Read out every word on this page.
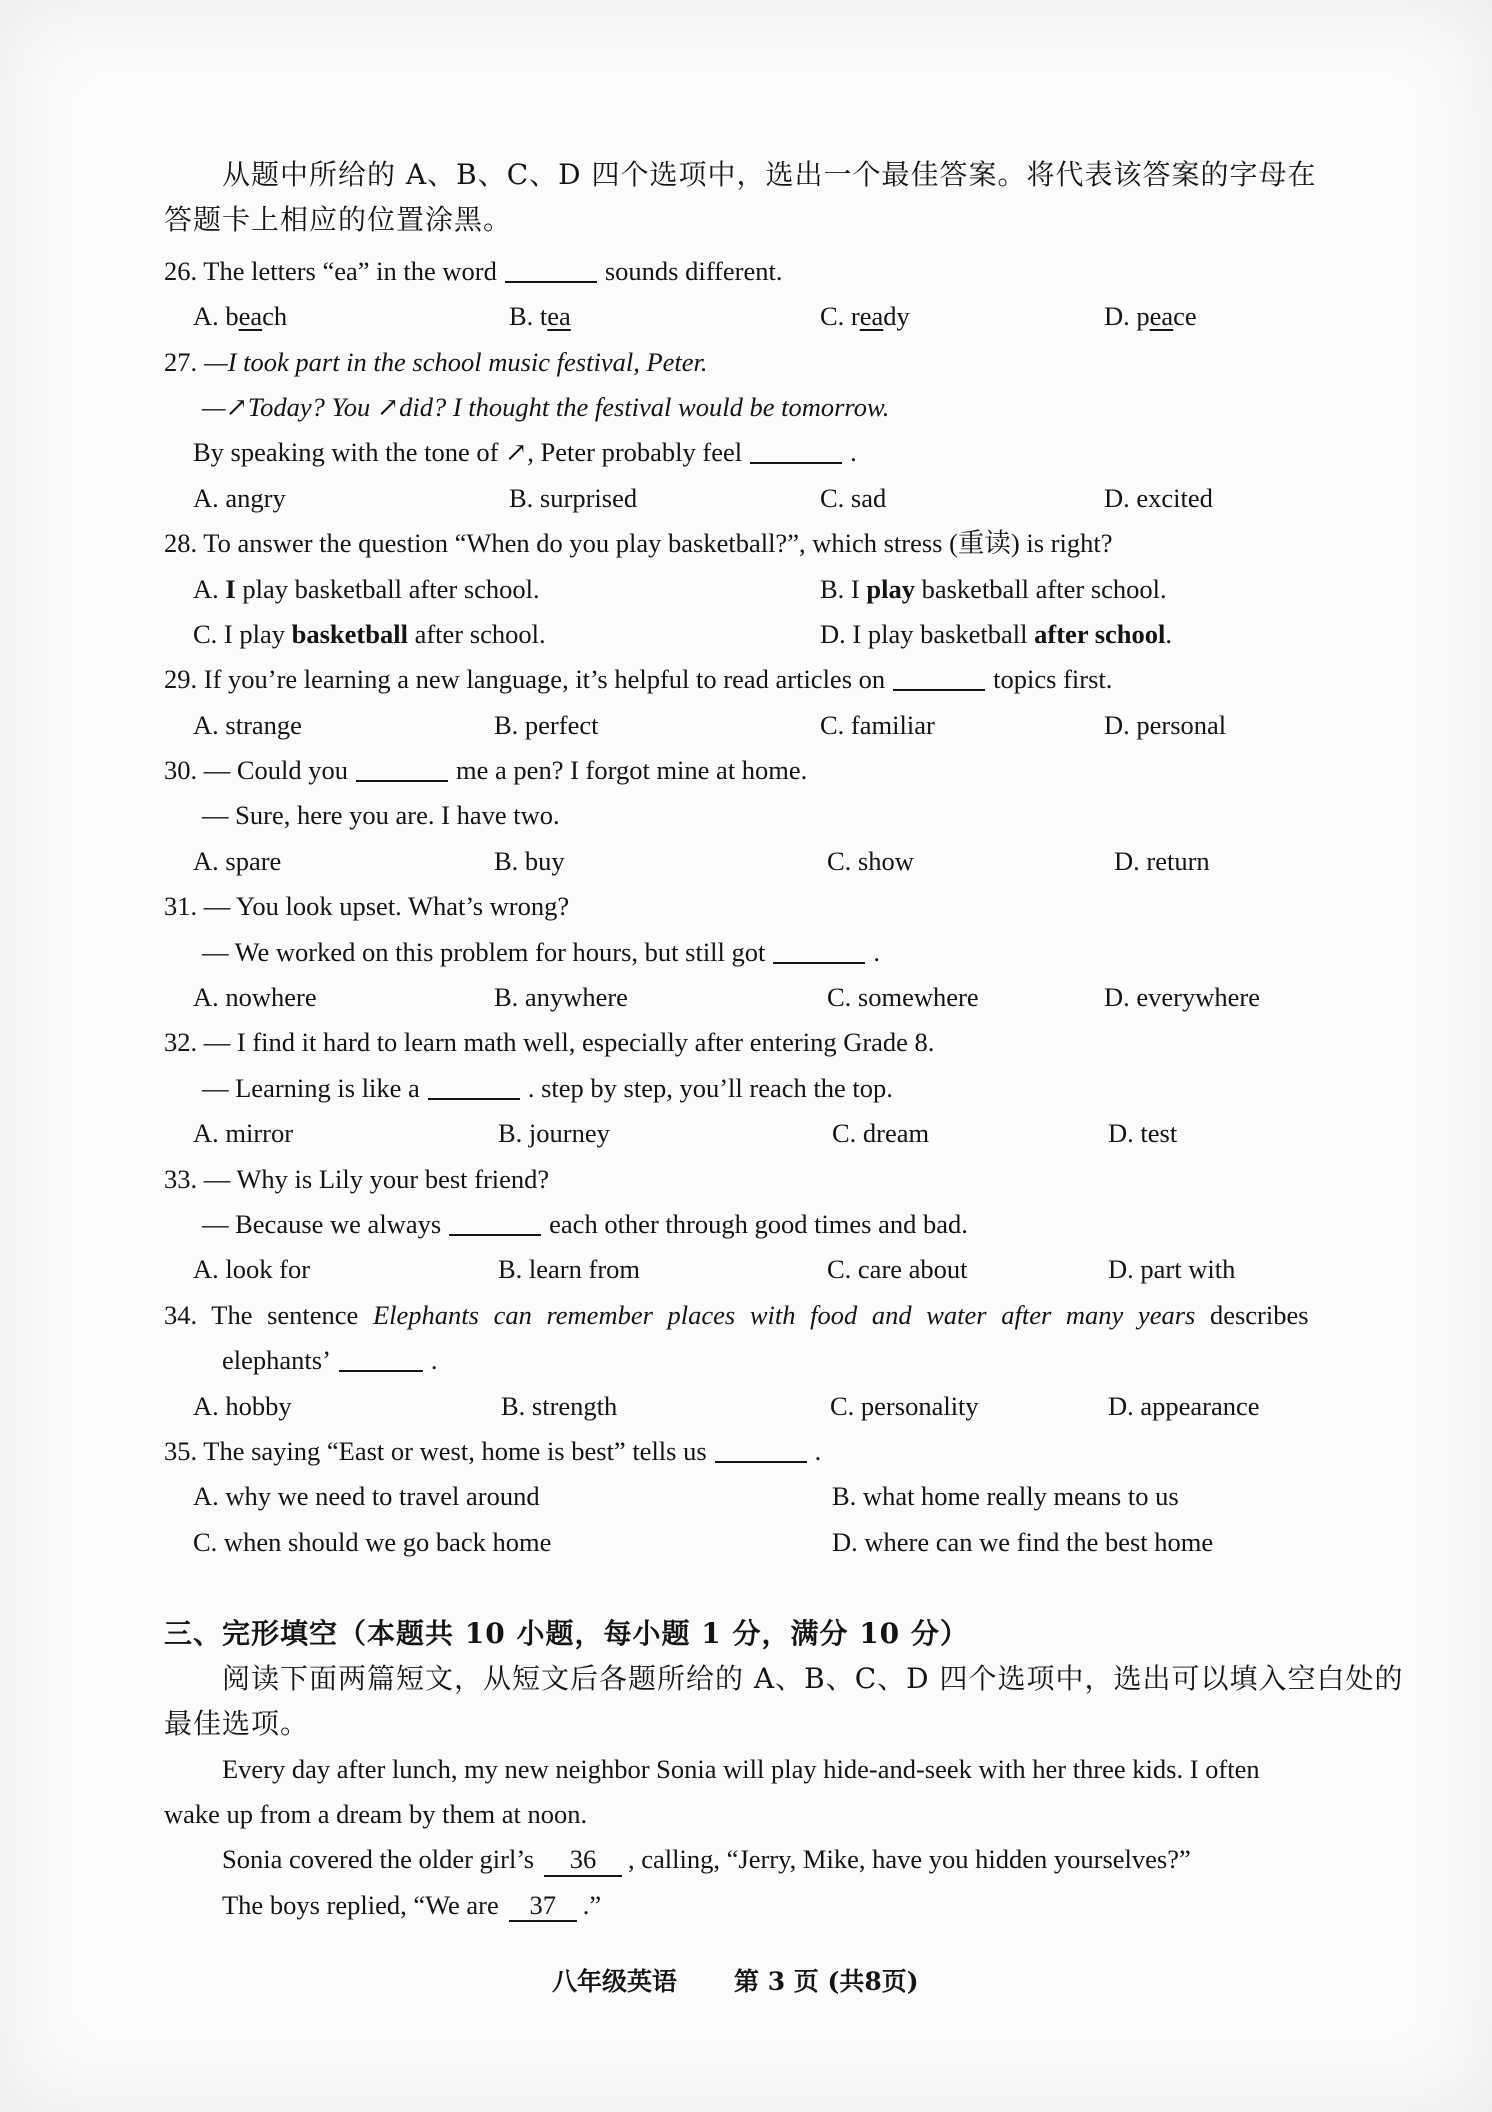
从题中所给的 A、B、C、D 四个选项中，选出一个最佳答案。将代表该答案的字母在
答题卡上相应的位置涂黑。
26. The letters “ea” in the word	sounds different.
A. beach	B. tea	C. ready	D. peace
27. —I took part in the school music festival, Peter.
—↗Today? You ↗did? I thought the festival would be tomorrow.
By speaking with the tone of ↗, Peter probably feel	.
A. angry	B. surprised	C. sad	D. excited
28. To answer the question “When do you play basketball?”, which stress (重读) is right?
A. I play basketball after school.	B. I play basketball after school.
C. I play basketball after school.	D. I play basketball after school.
29. If you’re learning a new language, it’s helpful to read articles on	topics first.
A. strange	B. perfect	C. familiar	D. personal
30. — Could you	me a pen? I forgot mine at home.
— Sure, here you are. I have two.
A. spare	B. buy	C. show	D. return
31. — You look upset. What’s wrong?
— We worked on this problem for hours, but still got	.
A. nowhere	B. anywhere	C. somewhere	D. everywhere
32. — I find it hard to learn math well, especially after entering Grade 8.
— Learning is like a	. step by step, you’ll reach the top.
A. mirror	B. journey	C. dream	D. test
33. — Why is Lily your best friend?
— Because we always	each other through good times and bad.
A. look for	B. learn from	C. care about	D. part with
34. The sentence Elephants can remember places with food and water after many years describes
elephants’	.
A. hobby	B. strength	C. personality	D. appearance
35. The saying “East or west, home is best” tells us	.
A. why we need to travel around	B. what home really means to us
C. when should we go back home	D. where can we find the best home
三、完形填空（本题共 10 小题，每小题 1 分，满分 10 分）
阅读下面两篇短文，从短文后各题所给的 A、B、C、D 四个选项中，选出可以填入空白处的
最佳选项。
Every day after lunch, my new neighbor Sonia will play hide-and-seek with her three kids. I often
wake up from a dream by them at noon.
Sonia covered the older girl’s 36 , calling, “Jerry, Mike, have you hidden yourselves?”
The boys replied, “We are 37 .”
八年级英语 第 3 页 (共8页)
